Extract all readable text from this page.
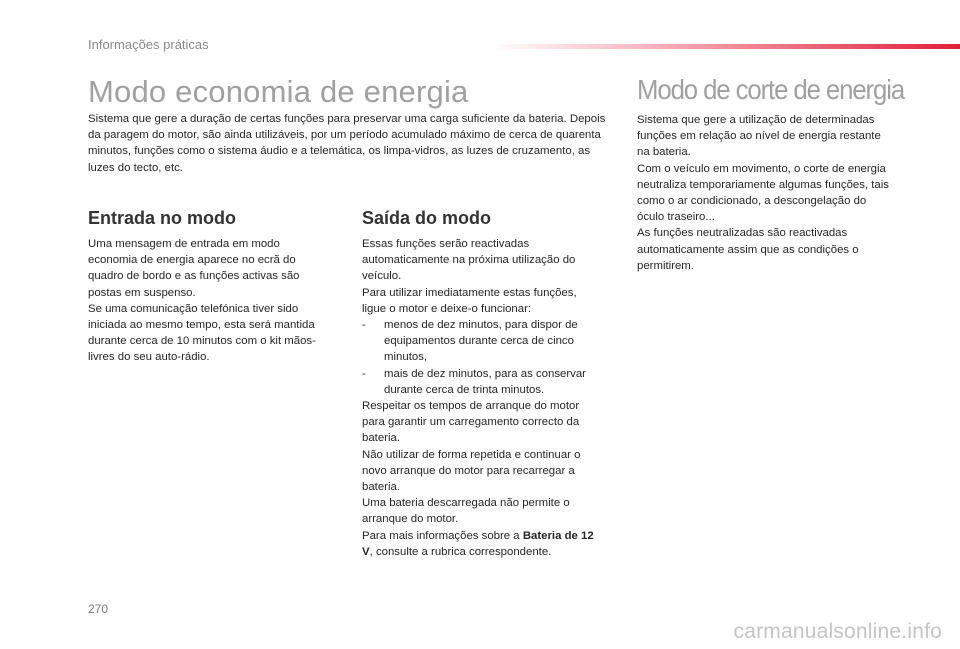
Informações práticas
Modo economia de energia

Sistema que gere a duração de certas funções para preservar uma carga suficiente da bateria. Depois da paragem do motor, são ainda utilizáveis, por um período acumulado máximo de cerca de quarenta minutos, funções como o sistema áudio e a telemática, os limpa-vidros, as luzes de cruzamento, as luzes do tecto, etc.

Entrada no modo
Uma mensagem de entrada em modo economia de energia aparece no ecrã do quadro de bordo e as funções activas são postas em suspenso.
Se uma comunicação telefónica tiver sido iniciada ao mesmo tempo, esta será mantida durante cerca de 10 minutos com o kit mãos-livres do seu auto-rádio.
Saída do modo
Essas funções serão reactivadas automaticamente na próxima utilização do veículo.
Para utilizar imediatamente estas funções, ligue o motor e deixe-o funcionar:
-	menos de dez minutos, para dispor de equipamentos durante cerca de cinco minutos,
-	mais de dez minutos, para as conservar durante cerca de trinta minutos.
Respeitar os tempos de arranque do motor para garantir um carregamento correcto da bateria.
Não utilizar de forma repetida e continuar o novo arranque do motor para recarregar a bateria.
Uma bateria descarregada não permite o arranque do motor.
Para mais informações sobre a Bateria de 12 V, consulte a rubrica correspondente.
Modo de corte de energia
Sistema que gere a utilização de determinadas funções em relação ao nível de energia restante na bateria.
Com o veículo em movimento, o corte de energia neutraliza temporariamente algumas funções, tais como o ar condicionado, a descongelação do óculo traseiro...
As funções neutralizadas são reactivadas automaticamente assim que as condições o permitirem.
270
carmanualsonline.info
